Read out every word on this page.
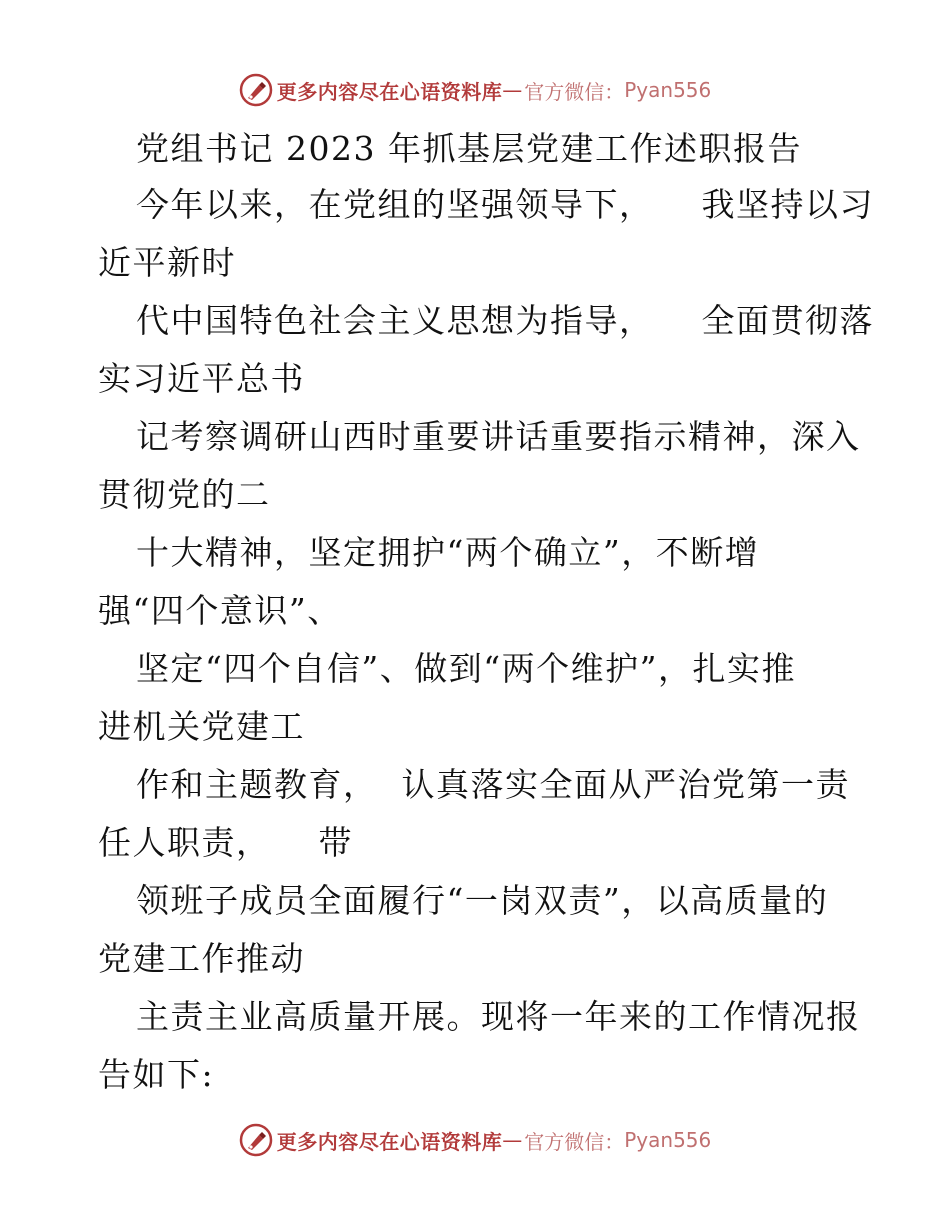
更多内容尽在心语资料库 — 官方微信： Pyan556
党组书记 2023 年抓基层党建工作述职报告
今年以来，在党组的坚强领导下，    我坚持以习
近平新时
代中国特色社会主义思想为指导，    全面贯彻落
实习近平总书
记考察调研山西时重要讲话重要指示精神，深入
贯彻党的二
十大精神，坚定拥护“两个确立”，不断增
强“四个意识”、
坚定“四个自信”、做到“两个维护”，扎实推
进机关党建工
作和主题教育，  认真落实全面从严治党第一责
任人职责，    带
领班子成员全面履行“一岗双责”，以高质量的
党建工作推动
主责主业高质量开展。现将一年来的工作情况报
告如下:
更多内容尽在心语资料库 — 官方微信： Pyan556
